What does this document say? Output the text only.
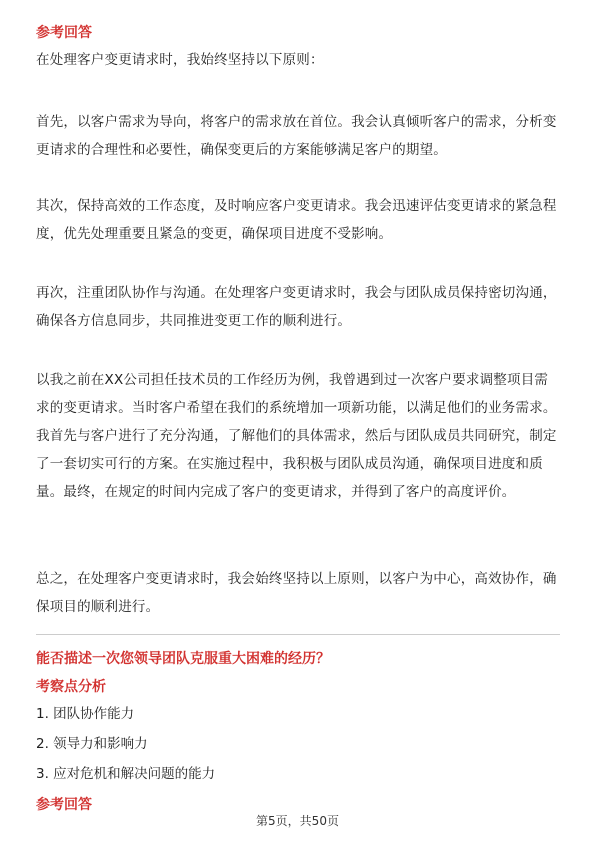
参考回答

在处理客户变更请求时，我始终坚持以下原则：

首先，以客户需求为导向，将客户的需求放在首位。我会认真倾听客户的需求，分析变更请求的合理性和必要性，确保变更后的方案能够满足客户的期望。

其次，保持高效的工作态度，及时响应客户变更请求。我会迅速评估变更请求的紧急程度，优先处理重要且紧急的变更，确保项目进度不受影响。

再次，注重团队协作与沟通。在处理客户变更请求时，我会与团队成员保持密切沟通，确保各方信息同步，共同推进变更工作的顺利进行。

以我之前在XX公司担任技术员的工作经历为例，我曾遇到过一次客户要求调整项目需求的变更请求。当时客户希望在我们的系统增加一项新功能，以满足他们的业务需求。我首先与客户进行了充分沟通，了解他们的具体需求，然后与团队成员共同研究，制定了一套切实可行的方案。在实施过程中，我积极与团队成员沟通，确保项目进度和质量。最终，在规定的时间内完成了客户的变更请求，并得到了客户的高度评价。

总之，在处理客户变更请求时，我会始终坚持以上原则，以客户为中心，高效协作，确保项目的顺利进行。

能否描述一次您领导团队克服重大困难的经历？
考察点分析
1. 团队协作能力
2. 领导力和影响力
3. 应对危机和解决问题的能力
参考回答
第5页，共50页
